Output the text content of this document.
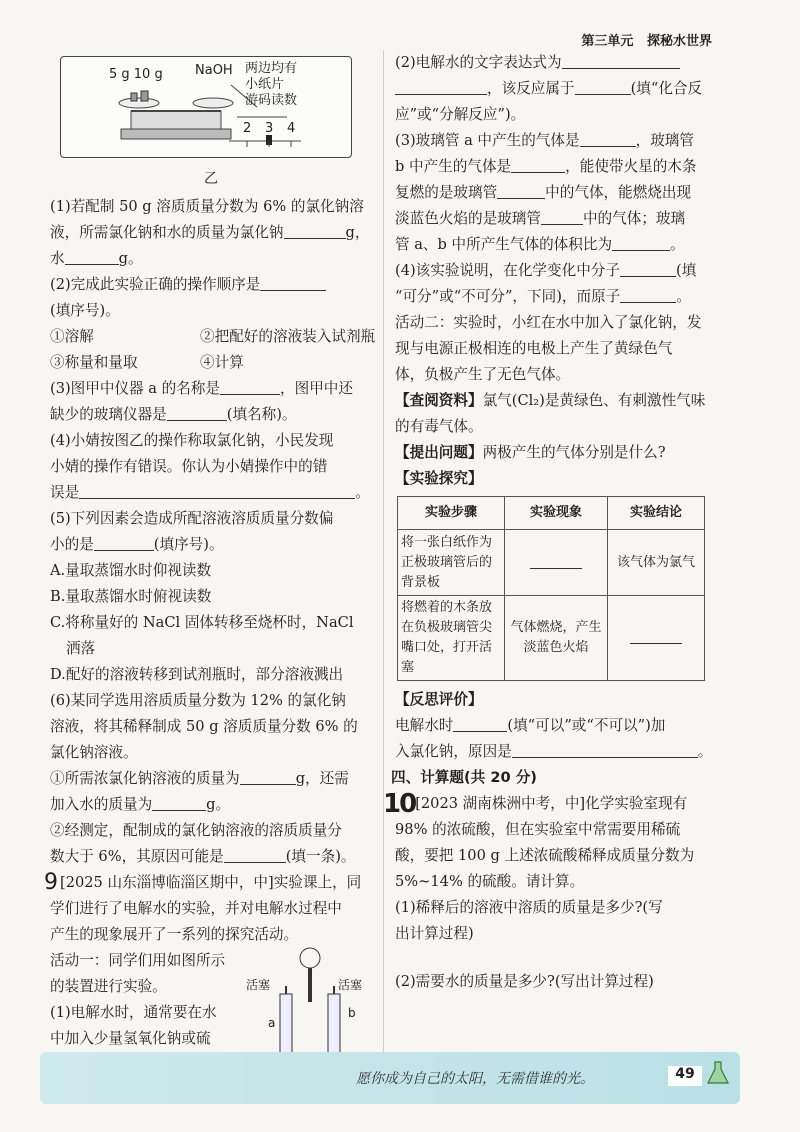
第三单元 探秘水世界
5 g 10 g NaOH 两边均有
小纸片
游码读数
2 3 4
乙
(1)若配制 50 g 溶质质量分数为 6% 的氯化钠溶
液，所需氯化钠和水的质量为氯化钠	g，
水	g。
(2)完成此实验正确的操作顺序是
(填序号)。
①溶解	②把配好的溶液装入试剂瓶
③称量和量取	④计算
(3)图甲中仪器 a 的名称是	，图甲中还
缺少的玻璃仪器是	(填名称)。
(4)小婧按图乙的操作称取氯化钠，小民发现
小婧的操作有错误。你认为小婧操作中的错
误是	。
(5)下列因素会造成所配溶液溶质质量分数偏
小的是	(填序号)。
A.量取蒸馏水时仰视读数
B.量取蒸馏水时俯视读数
C.将称量好的 NaCl 固体转移至烧杯时，NaCl
洒落
D.配好的溶液转移到试剂瓶时，部分溶液溅出
(6)某同学选用溶质质量分数为 12% 的氯化钠
溶液，将其稀释制成 50 g 溶质质量分数 6% 的
氯化钠溶液。
①所需浓氯化钠溶液的质量为	g，还需
加入水的质量为	g。
②经测定，配制成的氯化钠溶液的溶质质量分
数大于 6%，其原因可能是	(填一条)。
9 [2025 山东淄博临淄区期中，中]实验课上，同
学们进行了电解水的实验，并对电解水过程中
产生的现象展开了一系列的探究活动。
活动一：同学们用如图所示
的装置进行实验。
(1)电解水时，通常要在水
中加入少量氢氧化钠或硫
活塞	活塞
a
b
(2)电解水的文字表达式为
，该反应属于	(填“化合反
应”或“分解反应”)。
(3)玻璃管 a 中产生的气体是	，玻璃管
b 中产生的气体是	，能使带火星的木条
复燃的是玻璃管	中的气体，能燃烧出现
淡蓝色火焰的是玻璃管	中的气体；玻璃
管 a、b 中所产生气体的体积比为	。
(4)该实验说明，在化学变化中分子	(填
“可分”或“不可分”，下同)，而原子	。
活动二：实验时，小红在水中加入了氯化钠，发
现与电源正极相连的电极上产生了黄绿色气
体，负极产生了无色气体。
【查阅资料】氯气(Cl₂)是黄绿色、有刺激性气味
的有毒气体。
【提出问题】两极产生的气体分别是什么?
【实验探究】
实验步骤	实验现象	实验结论
将一张白纸作为正极玻璃管后的背景板		该气体为氯气
将燃着的木条放在负极玻璃管尖嘴口处，打开活塞	气体燃烧，产生淡蓝色火焰	
【反思评价】
电解水时	(填“可以”或“不可以”)加
入氯化钠，原因是	。
四、计算题(共 20 分)
10[2023 湖南株洲中考，中]化学实验室现有
98% 的浓硫酸，但在实验室中常需要用稀硫
酸，要把 100 g 上述浓硫酸稀释成质量分数为
5%~14% 的硫酸。请计算。
(1)稀释后的溶液中溶质的质量是多少?(写
出计算过程)
(2)需要水的质量是多少?(写出计算过程)
愿你成为自己的太阳，无需借谁的光。	49
